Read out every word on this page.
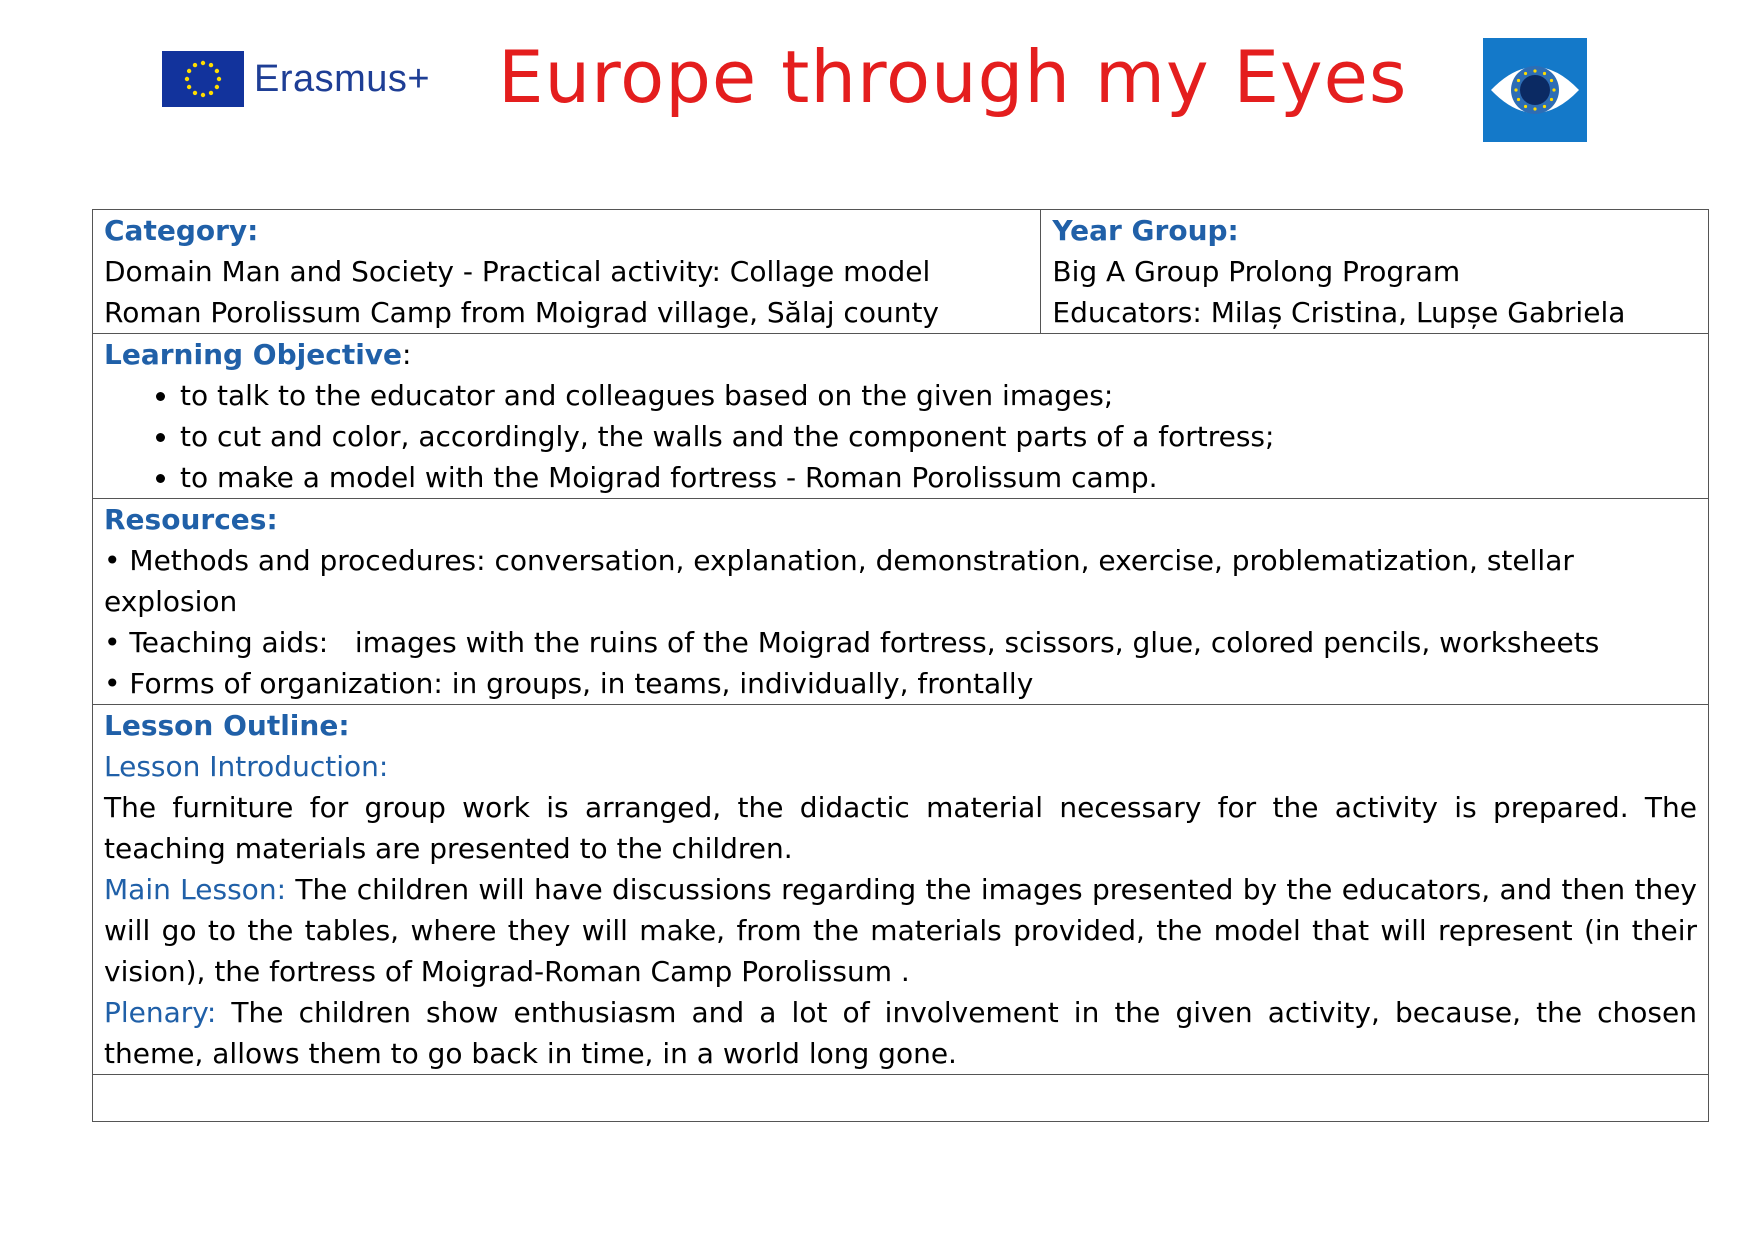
Erasmus+ Europe through my Eyes
Category:
Domain Man and Society - Practical activity: Collage model
Roman Porolissum Camp from Moigrad village, Sălaj county

Year Group:
Big A Group Prolong Program
Educators: Milaș Cristina, Lupșe Gabriela

Learning Objective:
• to talk to the educator and colleagues based on the given images;
• to cut and color, accordingly, the walls and the component parts of a fortress;
• to make a model with the Moigrad fortress - Roman Porolissum camp.

Resources:
• Methods and procedures: conversation, explanation, demonstration, exercise, problematization, stellar explosion
• Teaching aids:   images with the ruins of the Moigrad fortress, scissors, glue, colored pencils, worksheets
• Forms of organization: in groups, in teams, individually, frontally

Lesson Outline:
Lesson Introduction:
The furniture for group work is arranged, the didactic material necessary for the activity is prepared. The teaching materials are presented to the children.
Main Lesson: The children will have discussions regarding the images presented by the educators, and then they will go to the tables, where they will make, from the materials provided, the model that will represent (in their vision), the fortress of Moigrad-Roman Camp Porolissum .
Plenary: The children show enthusiasm and a lot of involvement in the given activity, because, the chosen theme, allows them to go back in time, in a world long gone.
